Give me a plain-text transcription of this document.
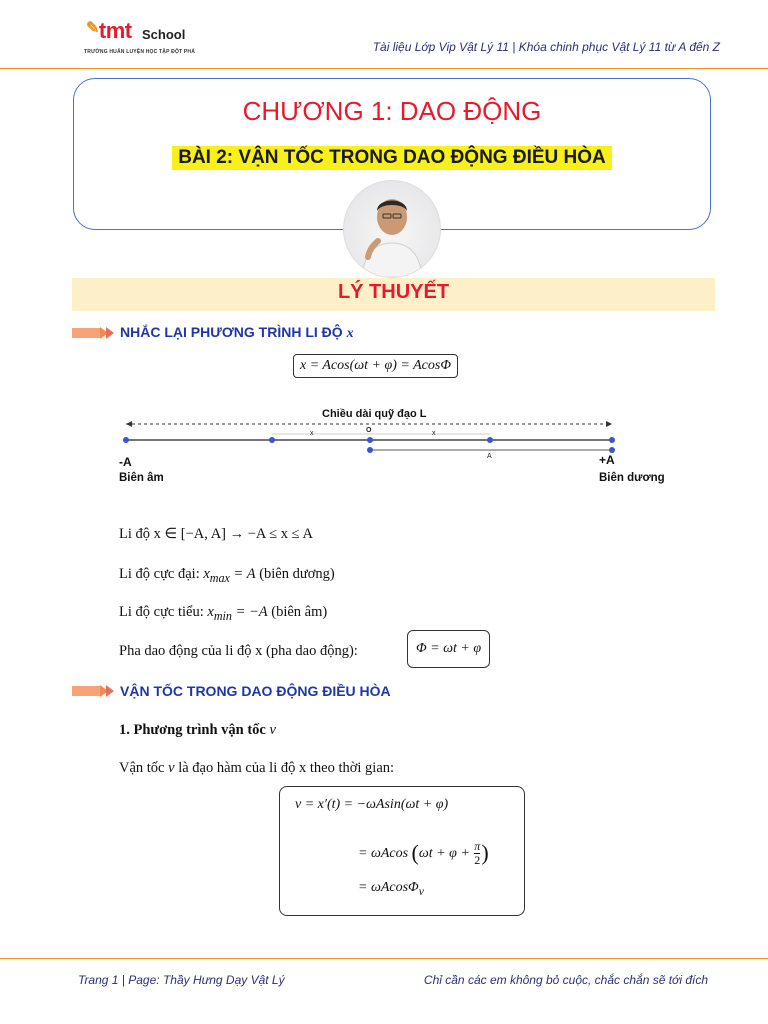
✎tmt School
TRƯỜNG HUẤN LUYỆN HỌC TẬP ĐỘT PHÁ	Tài liệu Lớp Vip Vật Lý 11 | Khóa chinh phục Vật Lý 11 từ A đến Z
CHƯƠNG 1: DAO ĐỘNG
BÀI 2: VẬN TỐC TRONG DAO ĐỘNG ĐIỀU HÒA
LÝ THUYẾT
NHẮC LẠI PHƯƠNG TRÌNH LI ĐỘ x
x = Acos(ωt + φ) = AcosΦ
Chiều dài quỹ đạo L
x	O	x
A
-A	+A
Biên âm	Biên dương
Li độ x ∈ [−A, A] → −A ≤ x ≤ A
Li độ cực đại: $x_{max} = A$ (biên dương)
Li độ cực tiểu: $x_{min} = -A$ (biên âm)
Pha dao động của li độ x (pha dao động):	Φ = ωt + φ
VẬN TỐC TRONG DAO ĐỘNG ĐIỀU HÒA
1. Phương trình vận tốc v
Vận tốc v là đạo hàm của li độ x theo thời gian:
v = x′(t) = −ωAsin(ωt + φ)
= ωAcos ($\omega t + \varphi + \frac{\pi}{2}$ )
= ωAcosΦ$_v$
Trang 1 | Page: Thầy Hưng Dạy Vật Lý	Chỉ cần các em không bỏ cuộc, chắc chắn sẽ tới đích
